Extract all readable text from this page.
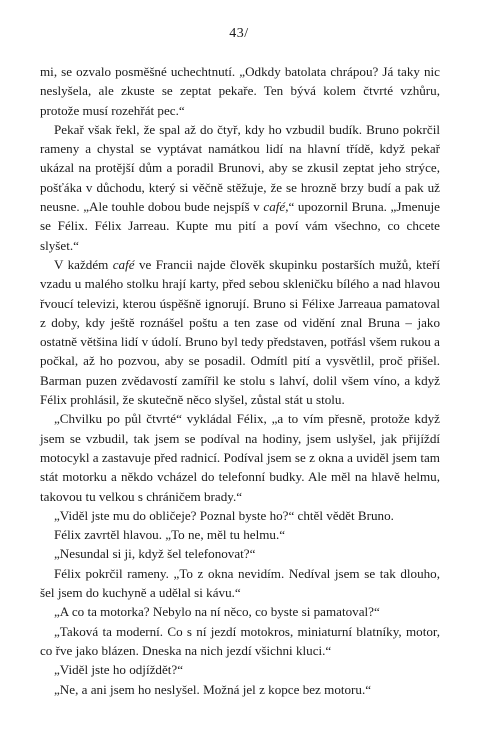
43/

mi, se ozvalo posměšné uchechtnutí. „Odkdy batolata chrápou? Já taky nic neslyšela, ale zkuste se zeptat pekaře. Ten bývá kolem čtvrté vzhůru, protože musí rozehřát pec.“

Pekař však řekl, že spal až do čtyř, kdy ho vzbudil budík. Bruno pokrčil rameny a chystal se vyptávat namátkou lidí na hlavní třídě, když pekař ukázal na protější dům a poradil Brunovi, aby se zkusil zeptat jeho strýce, pošťáka v důchodu, který si věčně stěžuje, že se hrozně brzy budí a pak už neusne. „Ale touhle dobou bude nejspíš v café,“ upozornil Bruna. „Jmenuje se Félix. Félix Jarreau. Kupte mu pití a poví vám všechno, co chcete slyšet.“

V každém café ve Francii najde člověk skupinku postarších mužů, kteří vzadu u malého stolku hrají karty, před sebou skleničku bílého a nad hlavou řvoucí televizi, kterou úspěšně ignorují. Bruno si Félixe Jarreaua pamatoval z doby, kdy ještě roznášel poštu a ten zase od vidění znal Bruna – jako ostatně většina lidí v údolí. Bruno byl tedy představen, potřásl všem rukou a počkal, až ho pozvou, aby se posadil. Odmítl pití a vysvětlil, proč přišel. Barman puzen zvědavostí zamířil ke stolu s lahví, dolil všem víno, a když Félix prohlásil, že skutečně něco slyšel, zůstal stát u stolu.

„Chvilku po půl čtvrté“ vykládal Félix, „a to vím přesně, protože když jsem se vzbudil, tak jsem se podíval na hodiny, jsem uslyšel, jak přijíždí motocykl a zastavuje před radnicí. Podíval jsem se z okna a uviděl jsem tam stát motorku a někdo vcházel do telefonní budky. Ale měl na hlavě helmu, takovou tu velkou s chráničem brady.“

„Viděl jste mu do obličeje? Poznal byste ho?“ chtěl vědět Bruno.

Félix zavrtěl hlavou. „To ne, měl tu helmu.“

„Nesundal si ji, když šel telefonovat?“

Félix pokrčil rameny. „To z okna nevidím. Nedíval jsem se tak dlouho, šel jsem do kuchyně a udělal si kávu.“

„A co ta motorka? Nebylo na ní něco, co byste si pamatoval?“

„Taková ta moderní. Co s ní jezdí motokros, miniaturní blatníky, motor, co řve jako blázen. Dneska na nich jezdí všichni kluci.“

„Viděl jste ho odjíždět?“

„Ne, a ani jsem ho neslyšel. Možná jel z kopce bez motoru.“
